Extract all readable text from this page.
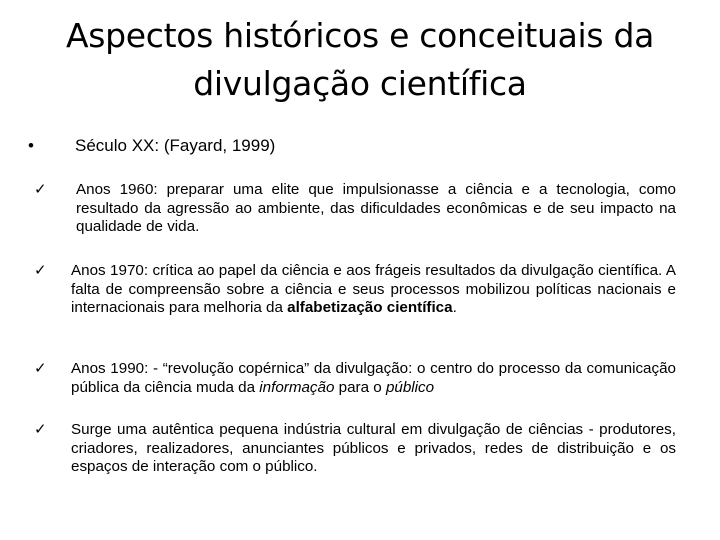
Aspectos históricos e conceituais da
divulgação científica
•	Século XX: (Fayard, 1999)
✓	Anos 1960: preparar uma elite que impulsionasse a ciência e a tecnologia, como resultado da agressão ao ambiente, das dificuldades econômicas e de seu impacto na qualidade de vida.
✓	Anos 1970: crítica ao papel da ciência e aos frágeis resultados da divulgação científica. A falta de compreensão sobre a ciência e seus processos mobilizou políticas nacionais e internacionais para melhoria da alfabetização científica.
✓	Anos 1990: - “revolução copérnica” da divulgação: o centro do processo da comunicação pública da ciência muda da informação para o público
✓	Surge uma autêntica pequena indústria cultural em divulgação de ciências - produtores, criadores, realizadores, anunciantes públicos e privados, redes de distribuição e os espaços de interação com o público.
